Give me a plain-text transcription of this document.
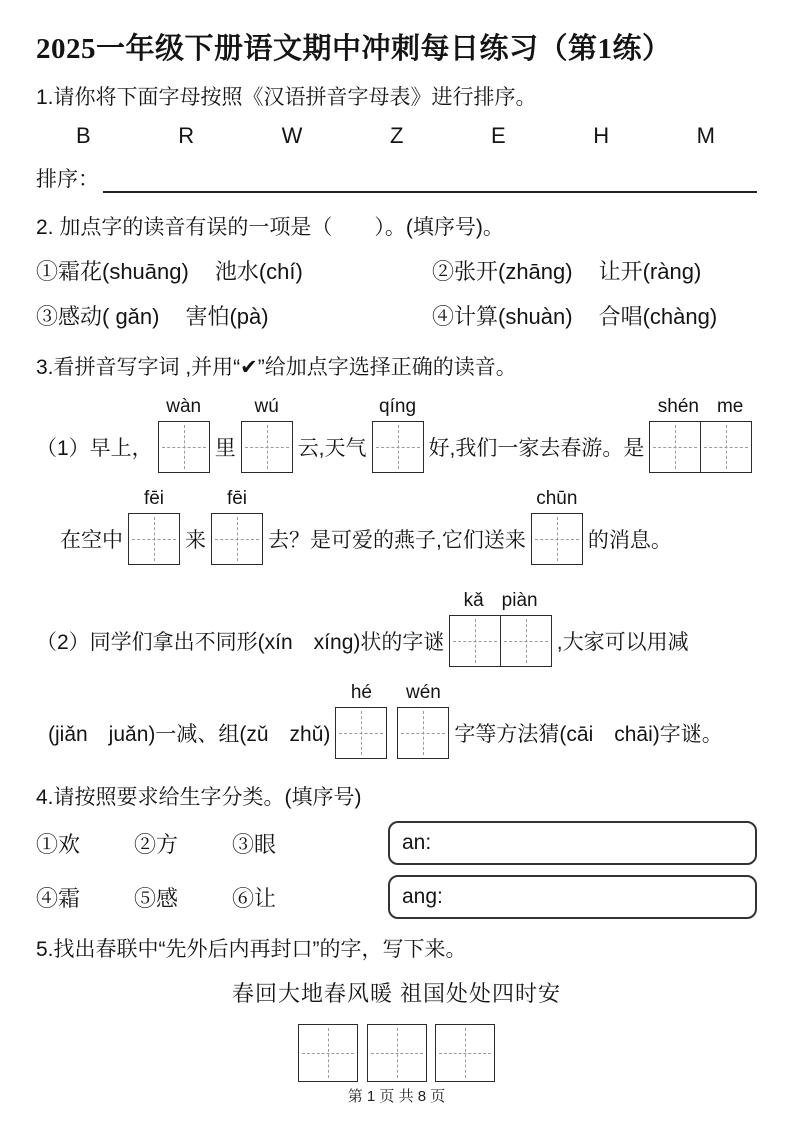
2025一年级下册语文期中冲刺每日练习（第1练）
1.请你将下面字母按照《汉语拼音字母表》进行排序。
B	R	W	Z	E	H	M
排序：
2. 加点字的读音有误的一项是（　　）。(填序号)。
①霜花(shuāng) 池水(chí)	②张开(zhāng) 让开(ràng)
③感动( gǎn) 害怕(pà)	④计算(shuàn) 合唱(chàng)
3.看拼音写字词 ,并用“✔”给加点字选择正确的读音。
（1）早上，
wàn
里
wú
云,天气
qíng
好,我们一家去春游。是
shén me
在空中
fēi
来
fēi
去？是可爱的燕子,它们送来
chūn
的消息。
（2）同学们拿出不同形(xín　xíng)状的字谜
kǎ piàn
,大家可以用减
(jiǎn　juǎn)一减、组(zǔ　zhǔ)
hé	wén
字等方法猜(cāi　chāi)字谜。
4.请按照要求给生字分类。(填序号)
①欢	②方	③眼	an:
④霜	⑤感	⑥让	ang:
5.找出春联中“先外后内再封口”的字，写下来。
春回大地春风暖 祖国处处四时安
第 1 页 共 8 页
